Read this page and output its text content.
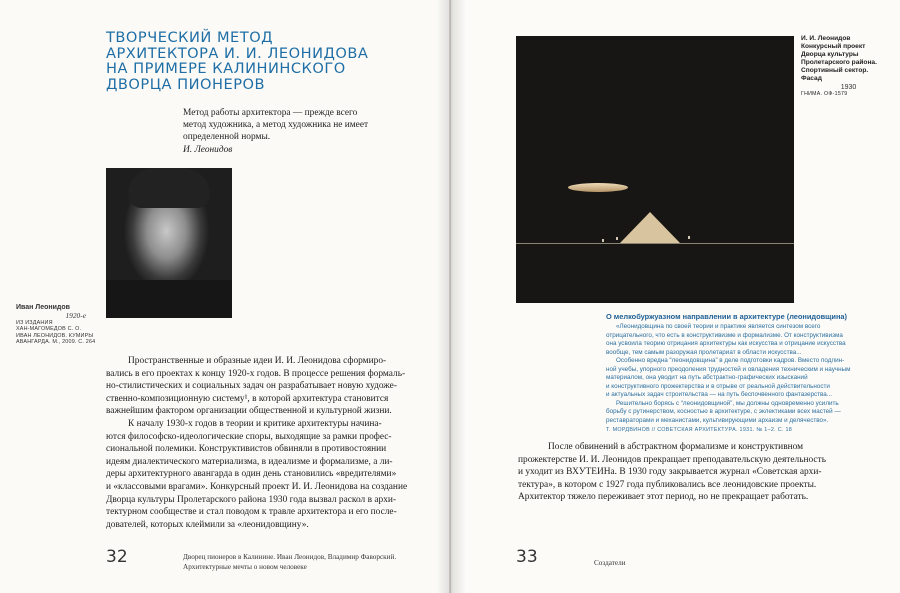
ТВОРЧЕСКИЙ МЕТОД
АРХИТЕКТОРА И. И. ЛЕОНИДОВА
НА ПРИМЕРЕ КАЛИНИНСКОГО
ДВОРЦА ПИОНЕРОВ
Метод работы архитектора — прежде всего
метод художника, а метод художника не имеет
определенной нормы.
И. Леонидов
Иван Леонидов
1920-е
ИЗ ИЗДАНИЯ
ХАН-МАГОМЕДОВ С. О.
ИВАН ЛЕОНИДОВ. КУМИРЫ
АВАНГАРДА. М., 2009. С. 264
Пространственные и образные идеи И. И. Леонидова сформиро-
вались в его проектах к концу 1920-х годов. В процессе решения формаль-
но-стилистических и социальных задач он разрабатывает новую художе-
ственно-композиционную систему¹, в которой архитектура становится
важнейшим фактором организации общественной и культурной жизни.
К началу 1930-х годов в теории и критике архитектуры начина-
ются философско-идеологические споры, выходящие за рамки профес-
сиональной полемики. Конструктивистов обвиняли в противостоянии
идеям диалектического материализма, в идеализме и формализме, а ли-
деры архитектурного авангарда в один день становились «вредителями»
и «классовыми врагами». Конкурсный проект И. И. Леонидова на создание
Дворца культуры Пролетарского района 1930 года вызвал раскол в архи-
тектурном сообществе и стал поводом к травле архитектора и его после-
дователей, которых клеймили за «леонидовщину».
32	Дворец пионеров в Калинине. Иван Леонидов, Владимир Фаворский.
Архитектурные мечты о новом человеке
И. И. Леонидов
Конкурсный проект
Дворца культуры
Пролетарского района.
Спортивный сектор.
Фасад
1930
ГНИМА. ОФ-1579
О мелкобуржуазном направлении в архитектуре (леонидовщина)
«Леонидовщина по своей теории и практике является синтезом всего
отрицательного, что есть в конструктивизме и формализме. От конструктивизма
она усвоила теорию отрицания архитектуры как искусства и отрицание искусства
вообще, тем самым разоружая пролетариат в области искусства...
Особенно вредна “леонидовщина” в деле подготовки кадров. Вместо подлин-
ной учебы, упорного преодоления трудностей и овладения техническим и научным
материалом, она уводит на путь абстрактно-графических изысканий
и конструктивного прожектерства и в отрыве от реальной действительности
и актуальных задач строительства — на путь беспочвенного фантазерства...
Решительно борясь с “леонидовщиной”, мы должны одновременно усилить
борьбу с рутинерством, косностью в архитектуре, с эклектиками всех мастей —
реставраторами и механистами, культивирующими архаизм и делячество».
Т. МОРДВИНОВ // СОВЕТСКАЯ АРХИТЕКТУРА. 1931. № 1–2. С. 18
После обвинений в абстрактном формализме и конструктивном
прожектерстве И. И. Леонидов прекращает преподавательскую деятельность
и уходит из ВХУТЕИНа. В 1930 году закрывается журнал «Советская архи-
тектура», в котором с 1927 года публиковались все леонидовские проекты.
Архитектор тяжело переживает этот период, но не прекращает работать.
33	Создатели
